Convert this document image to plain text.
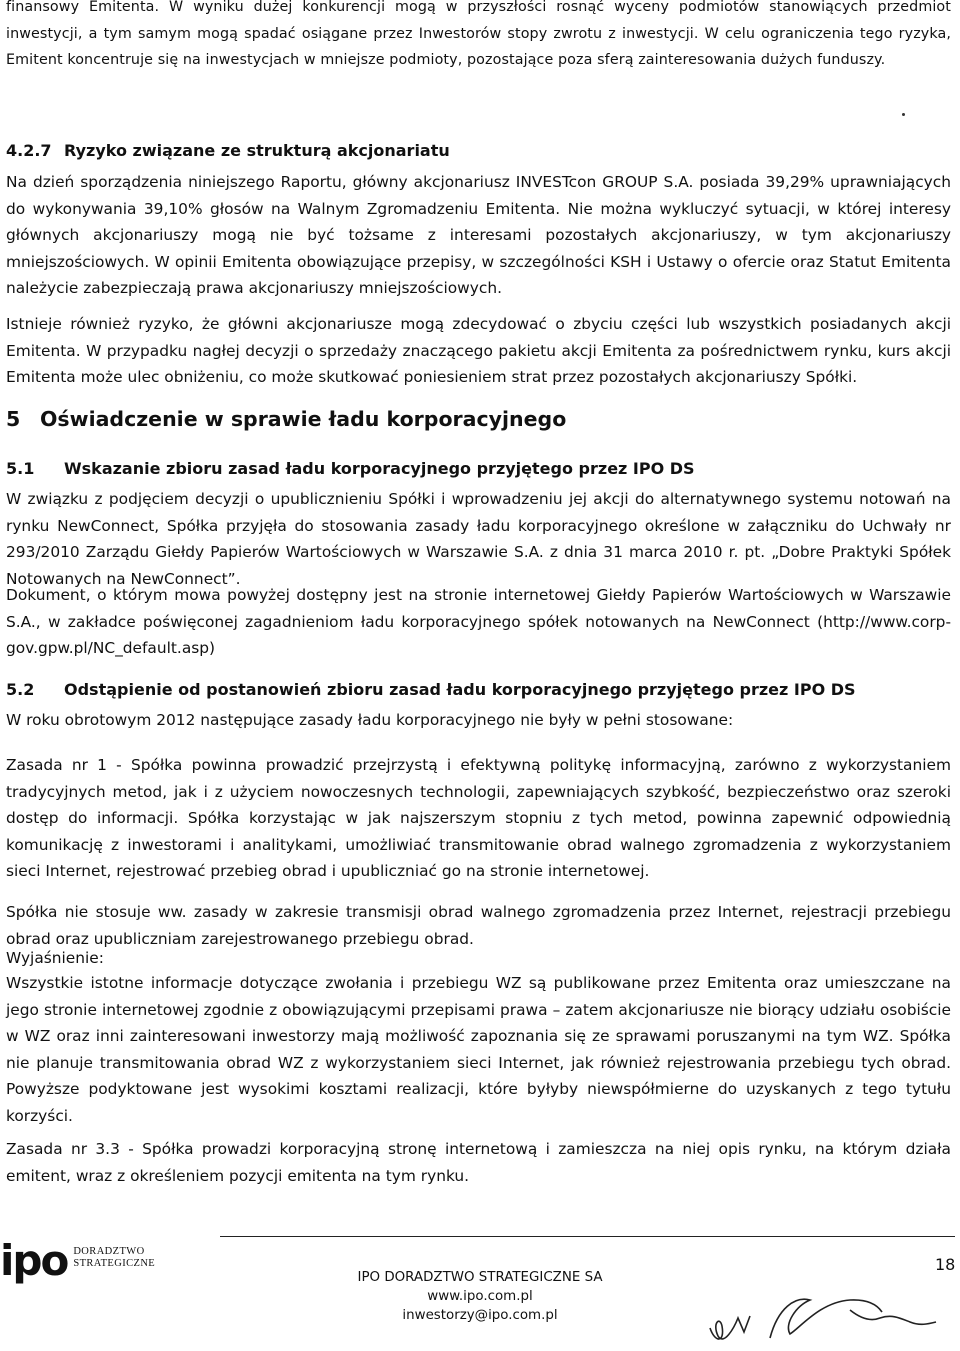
finansowy Emitenta. W wyniku dużej konkurencji mogą w przyszłości rosnąć wyceny podmiotów stanowiących przedmiot inwestycji, a tym samym mogą spadać osiągane przez Inwestorów stopy zwrotu z inwestycji. W celu ograniczenia tego ryzyka, Emitent koncentruje się na inwestycjach w mniejsze podmioty, pozostające poza sferą zainteresowania dużych funduszy.

4.2.7 Ryzyko związane ze strukturą akcjonariatu

Na dzień sporządzenia niniejszego Raportu, główny akcjonariusz INVESTcon GROUP S.A. posiada 39,29% uprawniających do wykonywania 39,10% głosów na Walnym Zgromadzeniu Emitenta. Nie można wykluczyć sytuacji, w której interesy głównych akcjonariuszy mogą nie być tożsame z interesami pozostałych akcjonariuszy, w tym akcjonariuszy mniejszościowych. W opinii Emitenta obowiązujące przepisy, w szczególności KSH i Ustawy o ofercie oraz Statut Emitenta należycie zabezpieczają prawa akcjonariuszy mniejszościowych.

Istnieje również ryzyko, że główni akcjonariusze mogą zdecydować o zbyciu części lub wszystkich posiadanych akcji Emitenta. W przypadku nagłej decyzji o sprzedaży znaczącego pakietu akcji Emitenta za pośrednictwem rynku, kurs akcji Emitenta może ulec obniżeniu, co może skutkować poniesieniem strat przez pozostałych akcjonariuszy Spółki.

5 Oświadczenie w sprawie ładu korporacyjnego
5.1 Wskazanie zbioru zasad ładu korporacyjnego przyjętego przez IPO DS

W związku z podjęciem decyzji o upublicznieniu Spółki i wprowadzeniu jej akcji do alternatywnego systemu notowań na rynku NewConnect, Spółka przyjęła do stosowania zasady ładu korporacyjnego określone w załączniku do Uchwały nr 293/2010 Zarządu Giełdy Papierów Wartościowych w Warszawie S.A. z dnia 31 marca 2010 r. pt. „Dobre Praktyki Spółek Notowanych na NewConnect”.

Dokument, o którym mowa powyżej dostępny jest na stronie internetowej Giełdy Papierów Wartościowych w Warszawie S.A., w zakładce poświęconej zagadnieniom ładu korporacyjnego spółek notowanych na NewConnect (http://www.corp-gov.gpw.pl/NC_default.asp)

5.2 Odstąpienie od postanowień zbioru zasad ładu korporacyjnego przyjętego przez IPO DS

W roku obrotowym 2012 następujące zasady ładu korporacyjnego nie były w pełni stosowane:

Zasada nr 1 - Spółka powinna prowadzić przejrzystą i efektywną politykę informacyjną, zarówno z wykorzystaniem tradycyjnych metod, jak i z użyciem nowoczesnych technologii, zapewniających szybkość, bezpieczeństwo oraz szeroki dostęp do informacji. Spółka korzystając w jak najszerszym stopniu z tych metod, powinna zapewnić odpowiednią komunikację z inwestorami i analitykami, umożliwiać transmitowanie obrad walnego zgromadzenia z wykorzystaniem sieci Internet, rejestrować przebieg obrad i upubliczniać go na stronie internetowej.

Spółka nie stosuje ww. zasady w zakresie transmisji obrad walnego zgromadzenia przez Internet, rejestracji przebiegu obrad oraz upubliczniam zarejestrowanego przebiegu obrad.

Wyjaśnienie:

Wszystkie istotne informacje dotyczące zwołania i przebiegu WZ są publikowane przez Emitenta oraz umieszczane na jego stronie internetowej zgodnie z obowiązującymi przepisami prawa – zatem akcjonariusze nie biorący udziału osobiście w WZ oraz inni zainteresowani inwestorzy mają możliwość zapoznania się ze sprawami poruszanymi na tym WZ. Spółka nie planuje transmitowania obrad WZ z wykorzystaniem sieci Internet, jak również rejestrowania przebiegu tych obrad. Powyższe podyktowane jest wysokimi kosztami realizacji, które byłyby niewspółmierne do uzyskanych z tego tytułu korzyści.

Zasada nr 3.3 - Spółka prowadzi korporacyjną stronę internetową i zamieszcza na niej opis rynku, na którym działa emitent, wraz z określeniem pozycji emitenta na tym rynku.

ipo DORADZTWO
STRATEGICZNE
IPO DORADZTWO STRATEGICZNE SA
www.ipo.com.pl
inwestorzy@ipo.com.pl
18
